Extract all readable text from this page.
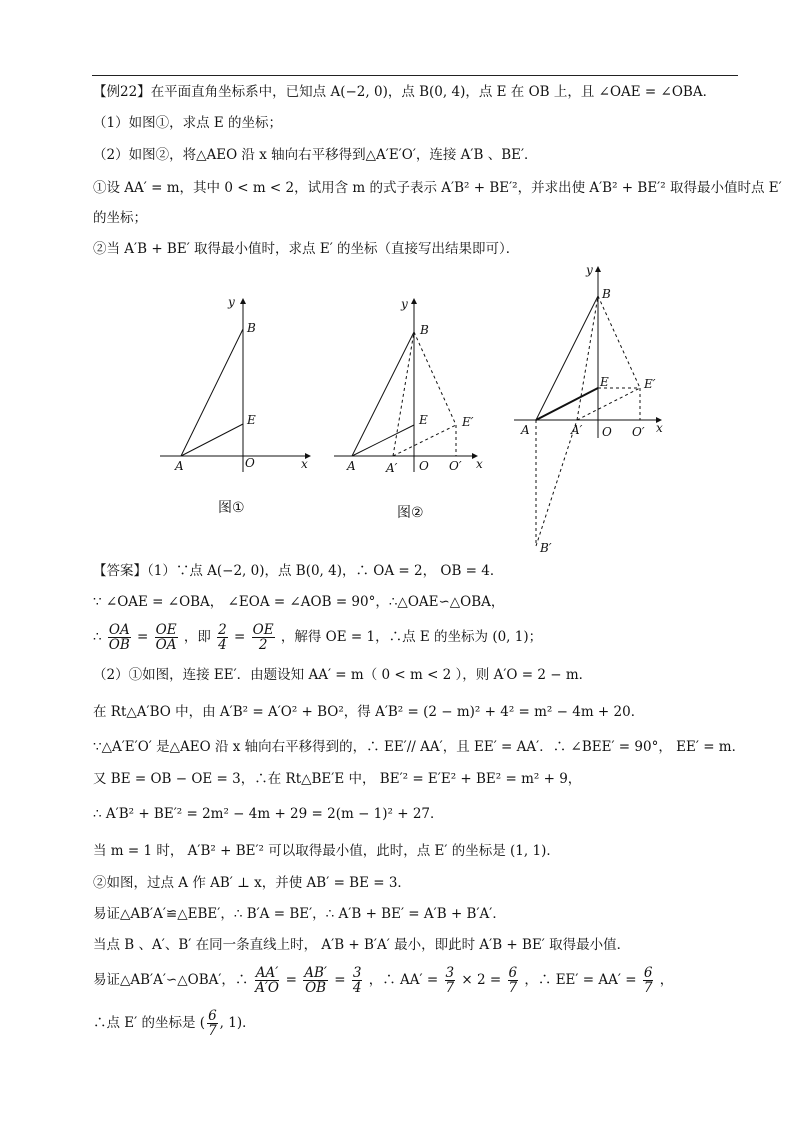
【例22】在平面直角坐标系中，已知点 A(−2, 0)，点 B(0, 4)，点 E 在 OB 上，且 ∠OAE = ∠OBA．
（1）如图①，求点 E 的坐标；
（2）如图②，将△AEO 沿 x 轴向右平移得到△A′E′O′，连接 A′B 、BE′．
①设 AA′ = m，其中 0 < m < 2，试用含 m 的式子表示 A′B² + BE′²，并求出使 A′B² + BE′² 取得最小值时点 E′
的坐标；
②当 A′B + BE′ 取得最小值时，求点 E′ 的坐标（直接写出结果即可）．
y
B
E
O
A	x
图①
y
B
E	E′
A	A′ O O′ x
图②
y
B
E	E′
A	A′ O O′ x
B′
【答案】（1）∵点 A(−2, 0)，点 B(0, 4)，∴ OA = 2， OB = 4．
∵ ∠OAE = ∠OBA， ∠EOA = ∠AOB = 90°，∴△OAE∽△OBA，
∴ $\frac{OA}{OB} = \frac{OE}{OA}$ ，即 $\frac{2}{4} = \frac{OE}{2}$ ，解得 OE = 1，∴点 E 的坐标为 (0, 1)；
（2）①如图，连接 EE′．由题设知 AA′ = m（ 0 < m < 2 ），则 A′O = 2 − m．
在 Rt△A′BO 中，由 A′B² = A′O² + BO²，得 A′B² = (2 − m)² + 4² = m² − 4m + 20．
∵△A′E′O′ 是△AEO 沿 x 轴向右平移得到的，∴ EE′// AA′，且 EE′ = AA′．∴ ∠BEE′ = 90°， EE′ = m．
又 BE = OB − OE = 3，∴在 Rt△BE′E 中， BE′² = E′E² + BE² = m² + 9，
∴ A′B² + BE′² = 2m² − 4m + 29 = 2(m − 1)² + 27．
当 m = 1 时， A′B² + BE′² 可以取得最小值，此时，点 E′ 的坐标是 (1, 1)．
②如图，过点 A 作 AB′ ⊥ x，并使 AB′ = BE = 3．
易证△AB′A′≌△EBE′，∴ B′A = BE′，∴ A′B + BE′ = A′B + B′A′．
当点 B 、A′、B′ 在同一条直线上时， A′B + B′A′ 最小，即此时 A′B + BE′ 取得最小值．
易证△AB′A′∽△OBA′，∴ $\frac{AA'}{A'O} = \frac{AB'}{OB} = \frac{3}{4}$ ，∴ $AA' = \frac{3}{7} \times 2 = \frac{6}{7}$ ，∴ $EE' = AA' = \frac{6}{7}$ ，
∴点 E′ 的坐标是 ( $\frac{6}{7}$ , 1)．
